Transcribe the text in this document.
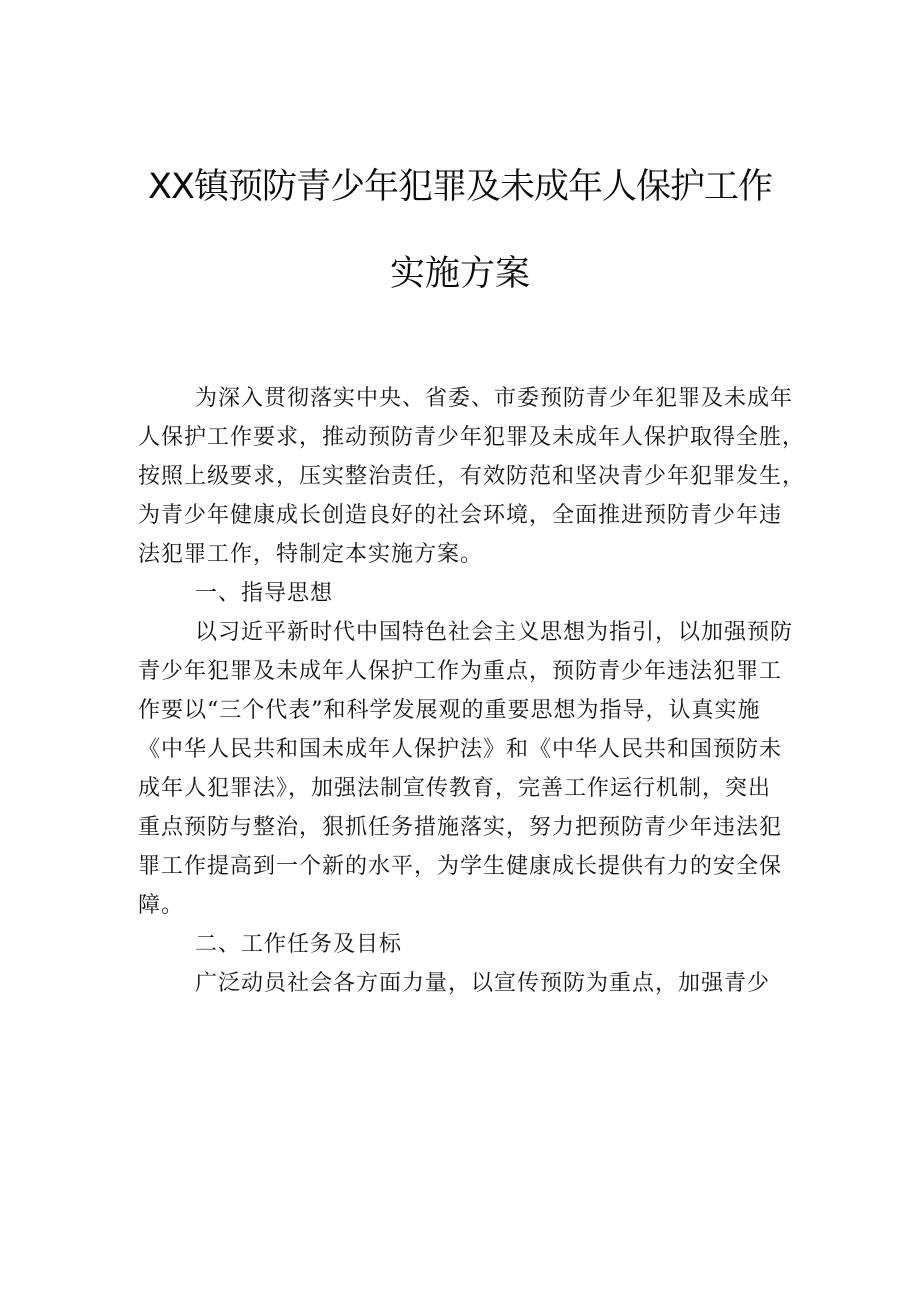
XX镇预防青少年犯罪及未成年人保护工作
实施方案
为深入贯彻落实中央、省委、市委预防青少年犯罪及未成年
人保护工作要求，推动预防青少年犯罪及未成年人保护取得全胜，
按照上级要求，压实整治责任，有效防范和坚决青少年犯罪发生，
为青少年健康成长创造良好的社会环境，全面推进预防青少年违
法犯罪工作，特制定本实施方案。
一、指导思想
以习近平新时代中国特色社会主义思想为指引，以加强预防
青少年犯罪及未成年人保护工作为重点，预防青少年违法犯罪工
作要以“三个代表”和科学发展观的重要思想为指导，认真实施
《中华人民共和国未成年人保护法》和《中华人民共和国预防未
成年人犯罪法》，加强法制宣传教育，完善工作运行机制，突出
重点预防与整治，狠抓任务措施落实，努力把预防青少年违法犯
罪工作提高到一个新的水平，为学生健康成长提供有力的安全保
障。
二、工作任务及目标
广泛动员社会各方面力量，以宣传预防为重点，加强青少
